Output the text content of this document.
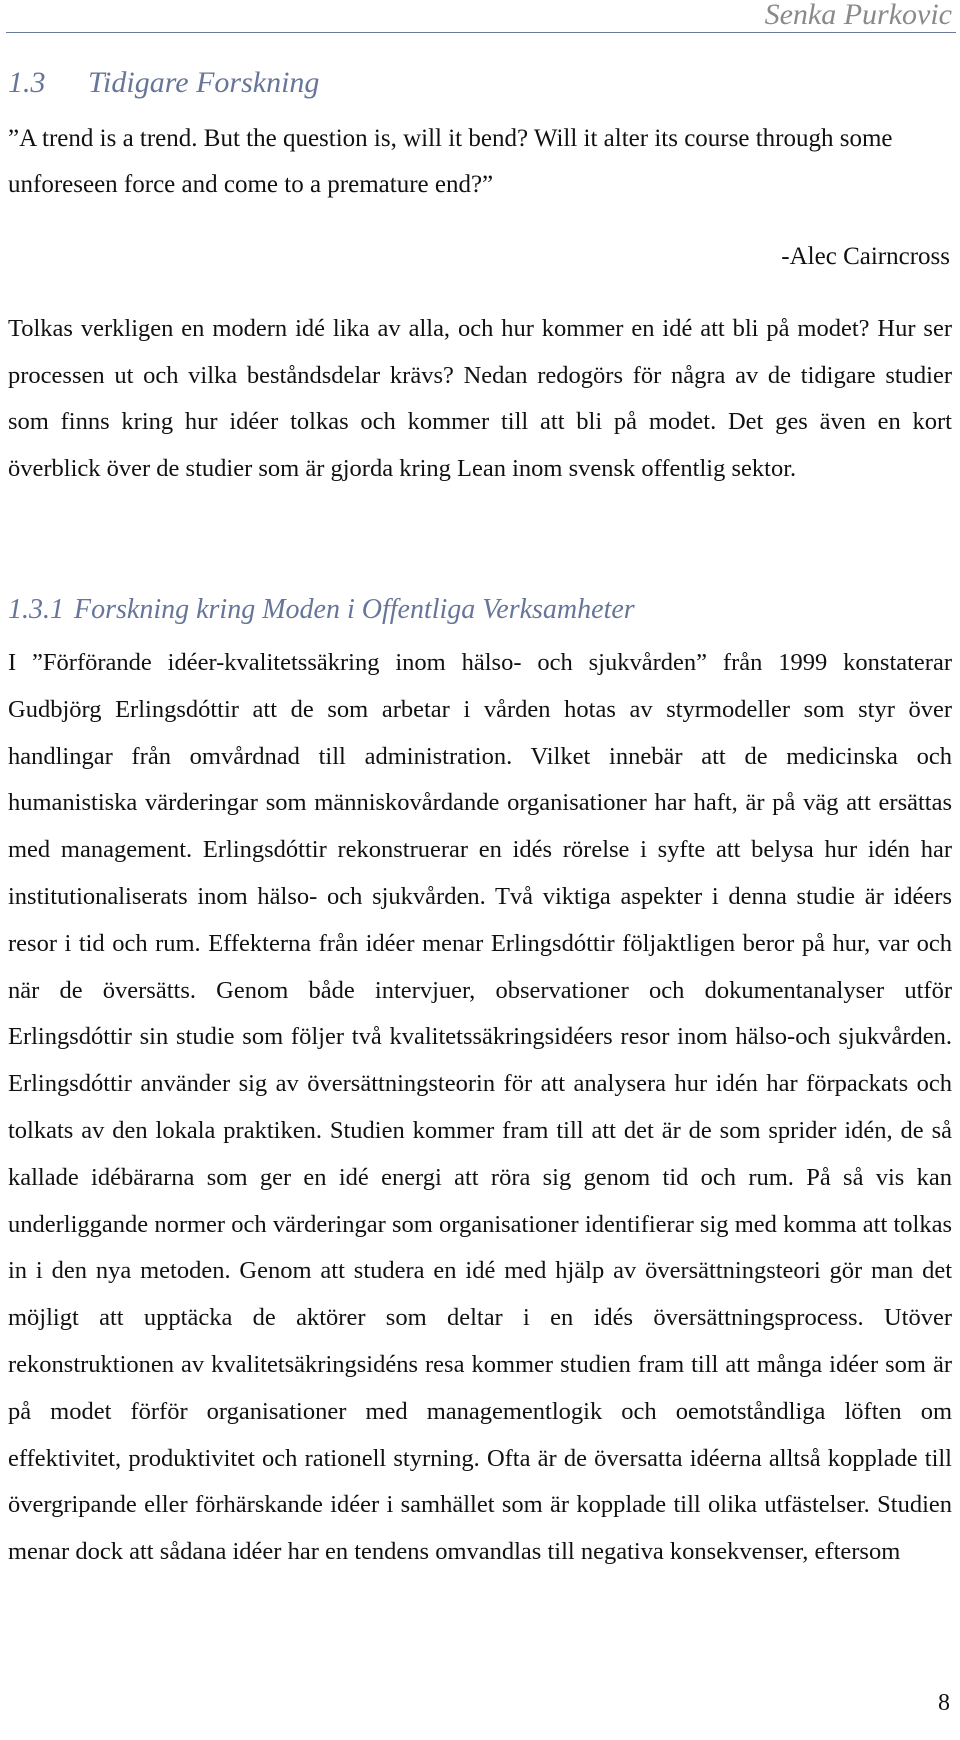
Senka Purkovic
1.3 Tidigare Forskning

”A trend is a trend. But the question is, will it bend? Will it alter its course through some unforeseen force and come to a premature end?”

-Alec Cairncross

Tolkas verkligen en modern idé lika av alla, och hur kommer en idé att bli på modet? Hur ser processen ut och vilka beståndsdelar krävs? Nedan redogörs för några av de tidigare studier som finns kring hur idéer tolkas och kommer till att bli på modet. Det ges även en kort överblick över de studier som är gjorda kring Lean inom svensk offentlig sektor.

1.3.1 Forskning kring Moden i Offentliga Verksamheter

I ”Förförande idéer-kvalitetssäkring inom hälso- och sjukvården” från 1999 konstaterar Gudbjörg Erlingsdóttir att de som arbetar i vården hotas av styrmodeller som styr över handlingar från omvårdnad till administration. Vilket innebär att de medicinska och humanistiska värderingar som människovårdande organisationer har haft, är på väg att ersättas med management. Erlingsdóttir rekonstruerar en idés rörelse i syfte att belysa hur idén har institutionaliserats inom hälso- och sjukvården. Två viktiga aspekter i denna studie är idéers resor i tid och rum. Effekterna från idéer menar Erlingsdóttir följaktligen beror på hur, var och när de översätts. Genom både intervjuer, observationer och dokumentanalyser utför Erlingsdóttir sin studie som följer två kvalitetssäkringsidéers resor inom hälso-och sjukvården. Erlingsdóttir använder sig av översättningsteorin för att analysera hur idén har förpackats och tolkats av den lokala praktiken. Studien kommer fram till att det är de som sprider idén, de så kallade idébärarna som ger en idé energi att röra sig genom tid och rum. På så vis kan underliggande normer och värderingar som organisationer identifierar sig med komma att tolkas in i den nya metoden. Genom att studera en idé med hjälp av översättningsteori gör man det möjligt att upptäcka de aktörer som deltar i en idés översättningsprocess. Utöver rekonstruktionen av kvalitetsäkringsidéns resa kommer studien fram till att många idéer som är på modet förför organisationer med managementlogik och oemotståndliga löften om effektivitet, produktivitet och rationell styrning. Ofta är de översatta idéerna alltså kopplade till övergripande eller förhärskande idéer i samhället som är kopplade till olika utfästelser. Studien menar dock att sådana idéer har en tendens omvandlas till negativa konsekvenser, eftersom

8
